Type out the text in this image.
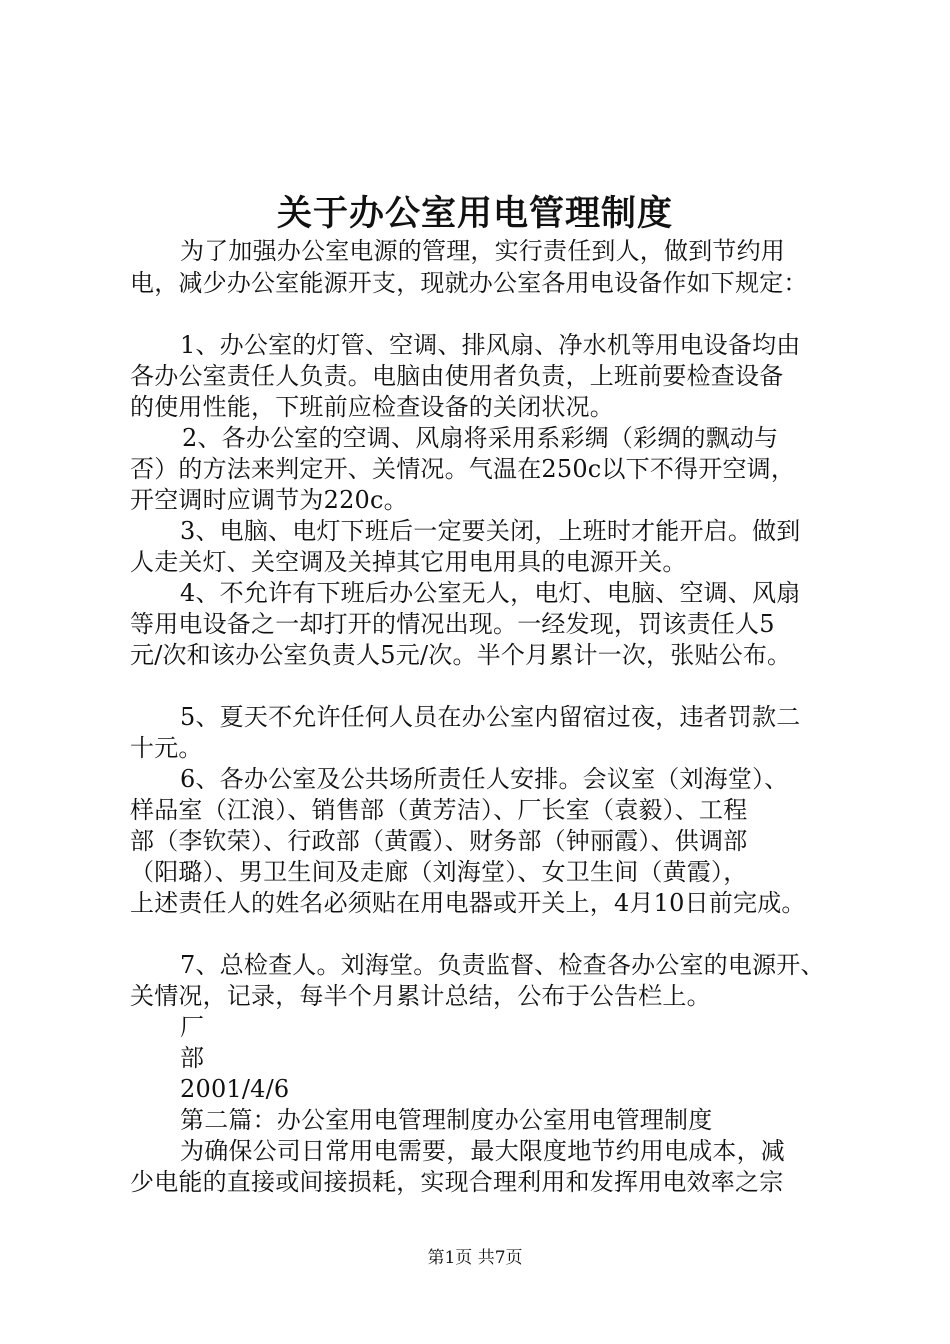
关于办公室用电管理制度
为了加强办公室电源的管理，实行责任到人，做到节约用
电，减少办公室能源开支，现就办公室各用电设备作如下规定：
1、办公室的灯管、空调、排风扇、净水机等用电设备均由
各办公室责任人负责。电脑由使用者负责，上班前要检查设备
的使用性能，下班前应检查设备的关闭状况。
2、各办公室的空调、风扇将采用系彩绸（彩绸的飘动与
否）的方法来判定开、关情况。气温在250c以下不得开空调，
开空调时应调节为220c。
3、电脑、电灯下班后一定要关闭，上班时才能开启。做到
人走关灯、关空调及关掉其它用电用具的电源开关。
4、不允许有下班后办公室无人，电灯、电脑、空调、风扇
等用电设备之一却打开的情况出现。一经发现，罚该责任人5
元/次和该办公室负责人5元/次。半个月累计一次，张贴公布。
5、夏天不允许任何人员在办公室内留宿过夜，违者罚款二
十元。
6、各办公室及公共场所责任人安排。会议室（刘海堂）、
样品室（江浪）、销售部（黄芳洁）、厂长室（袁毅）、工程
部（李钦荣）、行政部（黄霞）、财务部（钟丽霞）、供调部
（阳璐）、男卫生间及走廊（刘海堂）、女卫生间（黄霞），
上述责任人的姓名必须贴在用电器或开关上，4月10日前完成。
7、总检查人。刘海堂。负责监督、检查各办公室的电源开、
关情况，记录，每半个月累计总结，公布于公告栏上。
厂
部
2001/4/6
第二篇：办公室用电管理制度办公室用电管理制度
为确保公司日常用电需要，最大限度地节约用电成本，减
少电能的直接或间接损耗，实现合理利用和发挥用电效率之宗
第1页 共7页
